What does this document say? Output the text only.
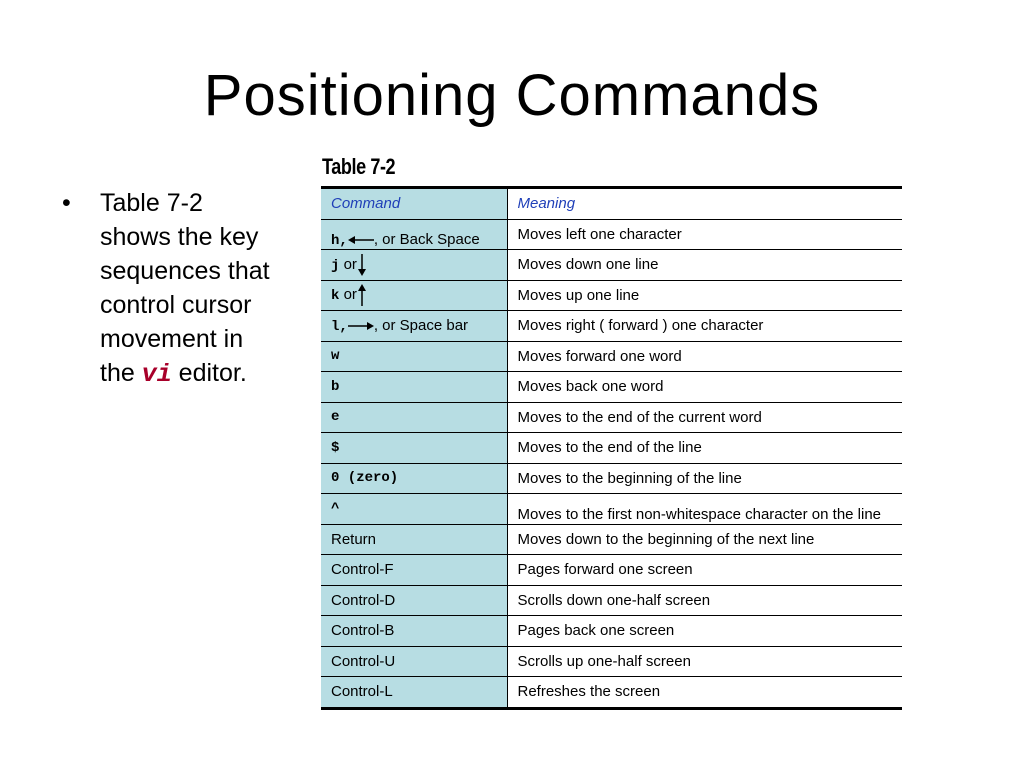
Positioning Commands
• Table 7-2 shows the key sequences that control cursor movement in the vi editor.
Table 7-2
Command	Meaning

h, , or Back Space	Moves left one character
j or	Moves down one line
k or	Moves up one line
l, , or Space bar	Moves right ( forward ) one character
w	Moves forward one word
b	Moves back one word
e	Moves to the end of the current word
$	Moves to the end of the line
0 (zero)	Moves to the beginning of the line
^	Moves to the first non-whitespace character on the line

Return	Moves down to the beginning of the next line
Control-F	Pages forward one screen
Control-D	Scrolls down one-half screen
Control-B	Pages back one screen
Control-U	Scrolls up one-half screen
Control-L	Refreshes the screen
